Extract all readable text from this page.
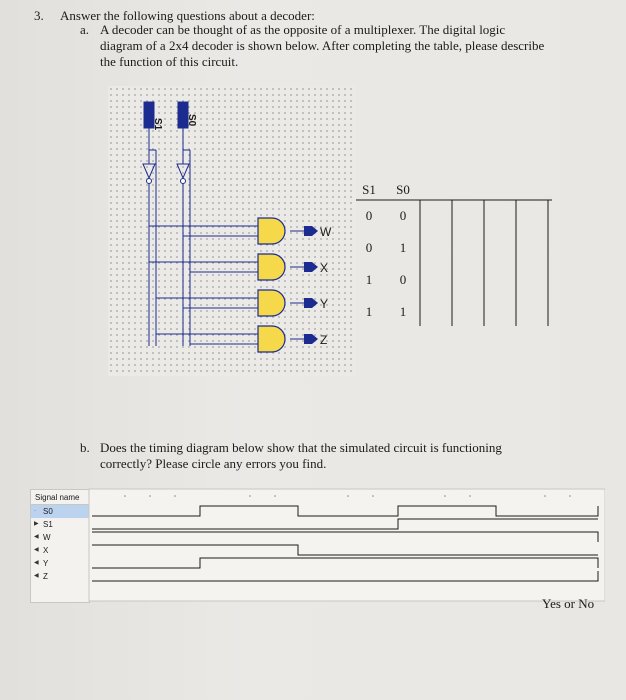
3. Answer the following questions about a decoder:
a. A decoder can be thought of as the opposite of a multiplexer. The digital logic
diagram of a 2x4 decoder is shown below. After completing the table, please describe
the function of this circuit.
S1 S0
W
X
Y
Z
S1	S0
0	0
0	1
1	0
1	1
b. Does the timing diagram below show that the simulated circuit is functioning
correctly? Please circle any errors you find.
Signal name
· S0
▶ S1
◀ W
◀ X
◀ Y
◀ Z
Yes or No
